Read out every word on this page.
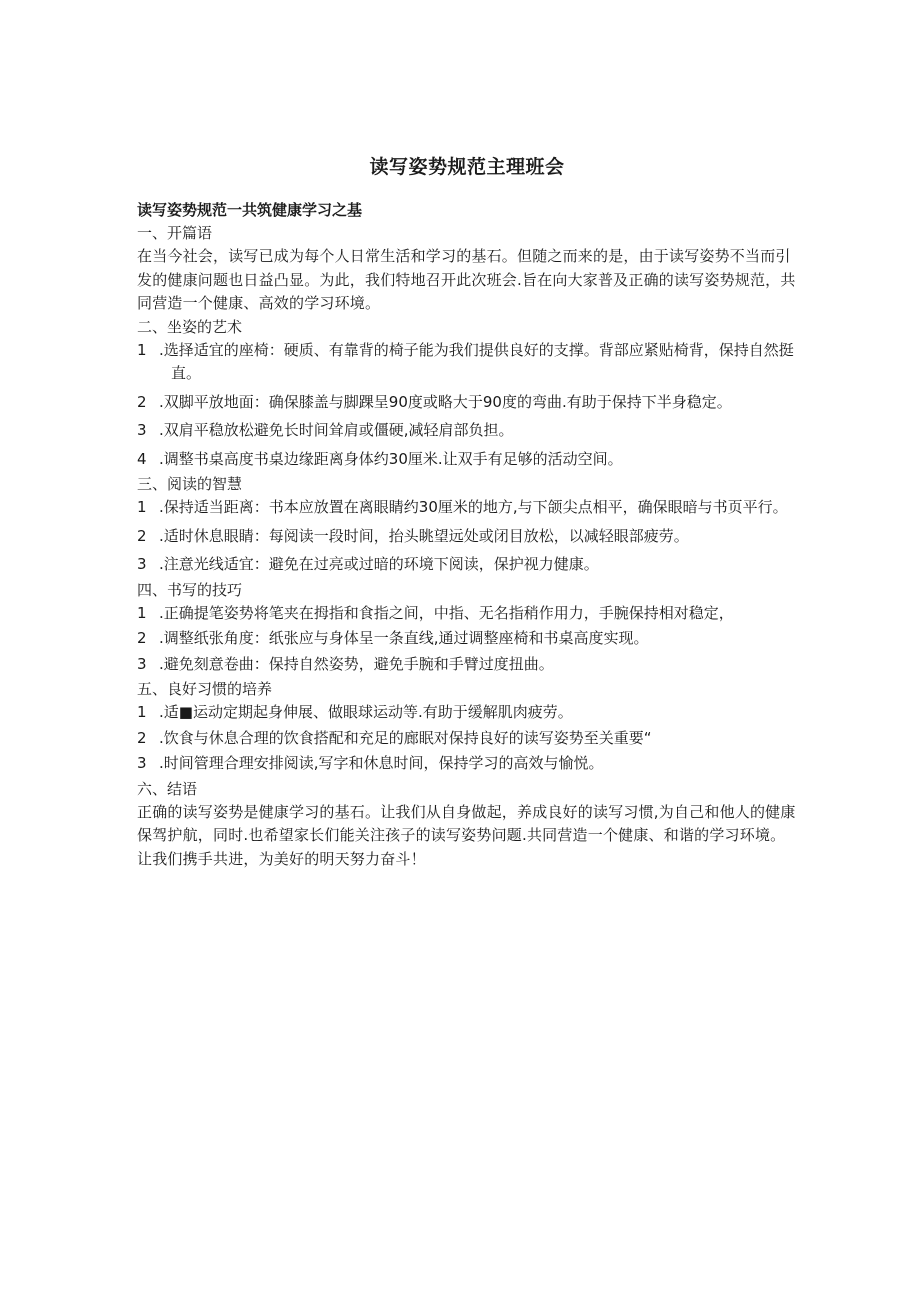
读写姿势规范主理班会

读写姿势规范一共筑健康学习之基

一、开篇语

在当今社会，读写已成为每个人日常生活和学习的基石。但随之而来的是，由于读写姿势不当而引发的健康问题也日益凸显。为此，我们特地召开此次班会.旨在向大家普及正确的读写姿势规范，共同营造一个健康、高效的学习环境。

二、坐姿的艺术

1 .选择适宜的座椅：硬质、有靠背的椅子能为我们提供良好的支撑。背部应紧贴椅背，保持自然挺直。
2 .双脚平放地面：确保膝盖与脚踝呈90度或略大于90度的弯曲.有助于保持下半身稳定。
3 .双肩平稳放松避免长时间耸肩或僵硬,减轻肩部负担。
4 .调整书桌高度书桌边缘距离身体约30厘米.让双手有足够的活动空间。

三、阅读的智慧

1 .保持适当距离：书本应放置在离眼睛约30厘米的地方,与下颌尖点相平，确保眼暗与书页平行。
2 .适时休息眼睛：每阅读一段时间，抬头眺望远处或闭目放松，以减轻眼部疲劳。
3 .注意光线适宜：避免在过亮或过暗的环境下阅读，保护视力健康。

四、书写的技巧

1 .正确提笔姿势将笔夹在拇指和食指之间，中指、无名指稍作用力，手腕保持相对稳定，
2 .调整纸张角度：纸张应与身体呈一条直线,通过调整座椅和书桌高度实现。
3 .避免刻意卷曲：保持自然姿势，避免手腕和手臂过度扭曲。

五、良好习惯的培养

1 .适■运动定期起身伸展、做眼球运动等.有助于缓解肌肉疲劳。
2 .饮食与休息合理的饮食搭配和充足的廊眠对保持良好的读写姿势至关重要“
3 .时间管理合理安排阅读,写字和休息时间，保持学习的高效与愉悦。

六、结语

正确的读写姿势是健康学习的基石。让我们从自身做起，养成良好的读写习惯,为自己和他人的健康保驾护航，同时.也希望家长们能关注孩子的读写姿势问题.共同营造一个健康、和谐的学习环境。让我们携手共进，为美好的明天努力奋斗！
